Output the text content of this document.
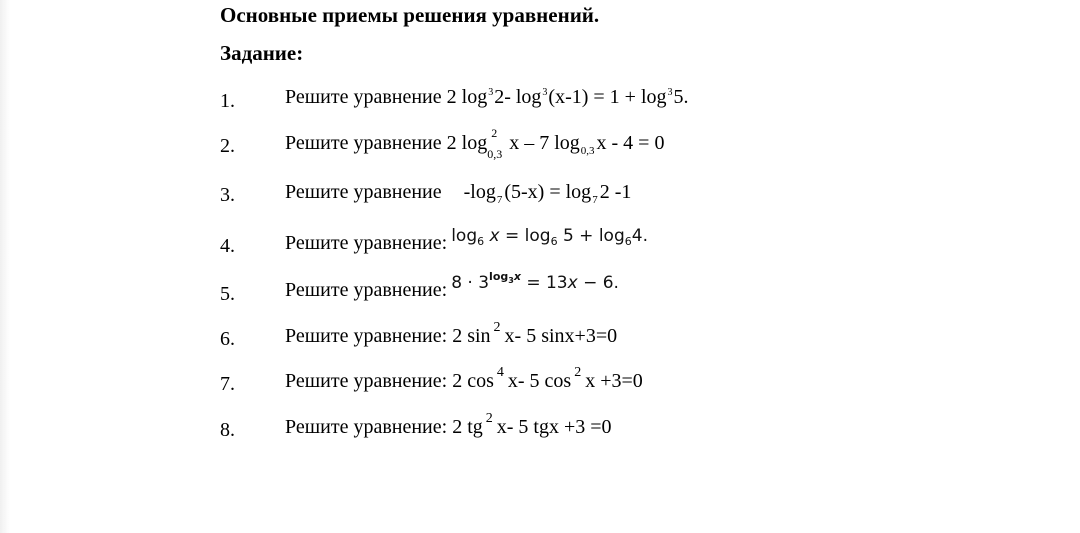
Основные приемы решения уравнений.
Задание:
1.	Решите уравнение 2 $\log^32-$ $\log^3(x-1) = 1 + \log^35$.
2.	Решите уравнение 2 log 2
0,3 x – 7 $\log_{0,3} x - 4 = 0$
3.	Решите уравнение $-\log_7$ $(5-x) = \log_7 2$ -1
4.	Решите уравнение: $\log_6 x = \log_6 5 + \log_64$.
5.	Решите уравнение: $8 \cdot 3^{log3x} = 13x - 6$.
6.	Решите уравнение: 2 sin $^2$ x- 5 sinx+3=0
7.	Решите уравнение: 2 cos $^4$ x- 5 cos $^2$ x +3=0
8.	Решите уравнение: 2 tg $^2$ x- 5 tgx +3 =0
